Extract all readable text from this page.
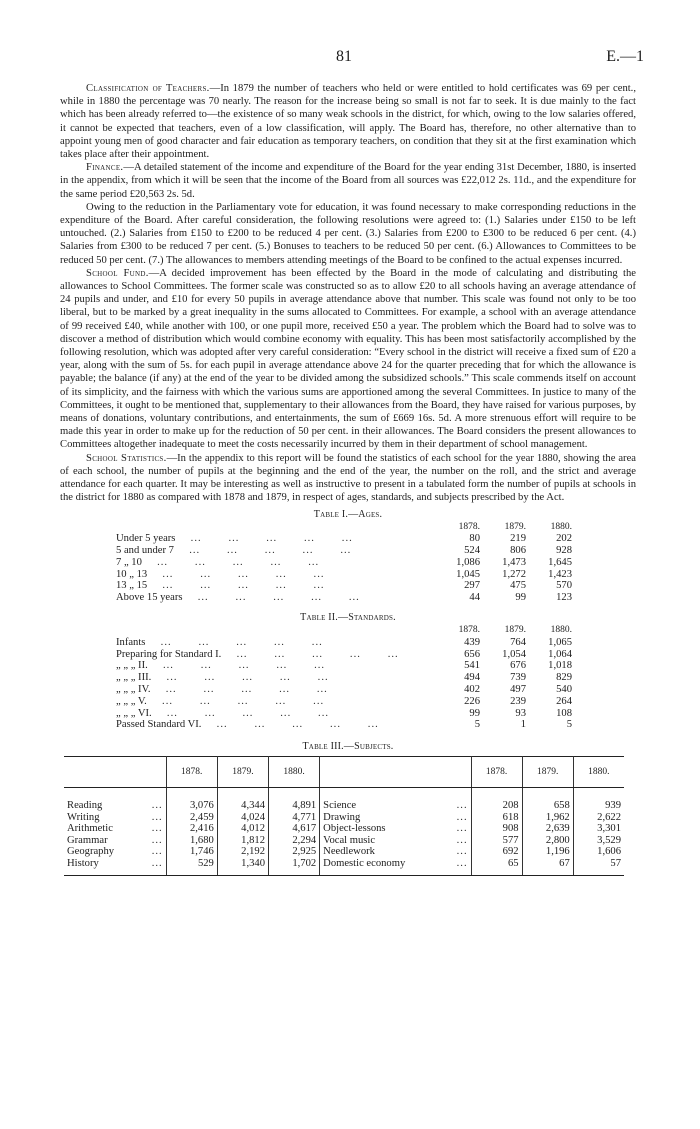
81	E.—1

Classification of Teachers.—In 1879 the number of teachers who held or were entitled to hold certificates was 69 per cent., while in 1880 the percentage was 70 nearly. The reason for the increase being so small is not far to seek. It is due mainly to the fact which has been already referred to—the existence of so many weak schools in the district, for which, owing to the low salaries offered, it cannot be expected that teachers, even of a low classification, will apply. The Board has, therefore, no other alternative than to appoint young men of good character and fair education as temporary teachers, on condition that they sit at the first examination which takes place after their appointment.

Finance.—A detailed statement of the income and expenditure of the Board for the year ending 31st December, 1880, is inserted in the appendix, from which it will be seen that the income of the Board from all sources was £22,012 2s. 11d., and the expenditure for the same period £20,563 2s. 5d.

Owing to the reduction in the Parliamentary vote for education, it was found necessary to make corresponding reductions in the expenditure of the Board. After careful consideration, the following resolutions were agreed to: (1.) Salaries under £150 to be left untouched. (2.) Salaries from £150 to £200 to be reduced 4 per cent. (3.) Salaries from £200 to £300 to be reduced 6 per cent. (4.) Salaries from £300 to be reduced 7 per cent. (5.) Bonuses to teachers to be reduced 50 per cent. (6.) Allowances to Committees to be reduced 50 per cent. (7.) The allowances to members attending meetings of the Board to be confined to the actual expenses incurred.

School Fund.—A decided improvement has been effected by the Board in the mode of calculating and distributing the allowances to School Committees. The former scale was constructed so as to allow £20 to all schools having an average attendance of 24 pupils and under, and £10 for every 50 pupils in average attendance above that number. This scale was found not only to be too liberal, but to be marked by a great inequality in the sums allocated to Committees. For example, a school with an average attendance of 99 received £40, while another with 100, or one pupil more, received £50 a year. The problem which the Board had to solve was to discover a method of distribution which would combine economy with equality. This has been most satisfactorily accomplished by the following resolution, which was adopted after very careful consideration: “Every school in the district will receive a fixed sum of £20 a year, along with the sum of 5s. for each pupil in average attendance above 24 for the quarter preceding that for which the allowance is payable; the balance (if any) at the end of the year to be divided among the subsidized schools.” This scale commends itself on account of its simplicity, and the fairness with which the various sums are apportioned among the several Committees. In justice to many of the Committees, it ought to be mentioned that, supplementary to their allowances from the Board, they have raised for various purposes, by means of donations, voluntary contributions, and entertainments, the sum of £669 16s. 5d. A more strenuous effort will require to be made this year in order to make up for the reduction of 50 per cent. in their allowances. The Board considers the present allowances to Committees altogether inadequate to meet the costs necessarily incurred by them in their department of school management.

School Statistics.—In the appendix to this report will be found the statistics of each school for the year 1880, showing the area of each school, the number of pupils at the beginning and the end of the year, the number on the roll, and the strict and average attendance for each quarter. It may be interesting as well as instructive to present in a tabulated form the number of pupils at schools in the district for 1880 as compared with 1878 and 1879, in respect of ages, standards, and subjects prescribed by the Act.

Table I.—Ages.
	1878.	1879.	1880.
Under 5 years  ...   ...   ...   ...   ...	80	219	202
5 and under 7  ...   ...   ...   ...   ...	524	806	928
7 „ 10  ...   ...   ...   ...   ...	1,086	1,473	1,645
10 „ 13  ...   ...   ...   ...   ...	1,045	1,272	1,423
13 „ 15  ...   ...   ...   ...   ...	297	475	570
Above 15 years  ...   ...   ...   ...   ...	44	99	123
Table II.—Standards.
	1878.	1879.	1880.
Infants  ...   ...   ...   ...   ...	439	764	1,065
Preparing for Standard I.  ...   ...   ...   ...   ...	656	1,054	1,064
„ „ „ II.  ...   ...   ...   ...   ...	541	676	1,018
„ „ „ III.  ...   ...   ...   ...   ...	494	739	829
„ „ „ IV.  ...   ...   ...   ...   ...	402	497	540
„ „ „ V.  ...   ...   ...   ...   ...	226	239	264
„ „ „ VI.  ...   ...   ...   ...   ...	99	93	108
Passed Standard VI.  ...   ...   ...   ...   ...	5	1	5
Table III.—Subjects.
	1878.	1879.	1880.		1878.	1879.	1880.
Reading ...	3,076	4,344	4,891	Science ...	208	658	939
Writing ...	2,459	4,024	4,771	Drawing ...	618	1,962	2,622
Arithmetic ...	2,416	4,012	4,617	Object-lessons ...	908	2,639	3,301
Grammar ...	1,680	1,812	2,294	Vocal music ...	577	2,800	3,529
Geography ...	1,746	2,192	2,925	Needlework ...	692	1,196	1,606
History ...	529	1,340	1,702	Domestic economy ...	65	67	57
